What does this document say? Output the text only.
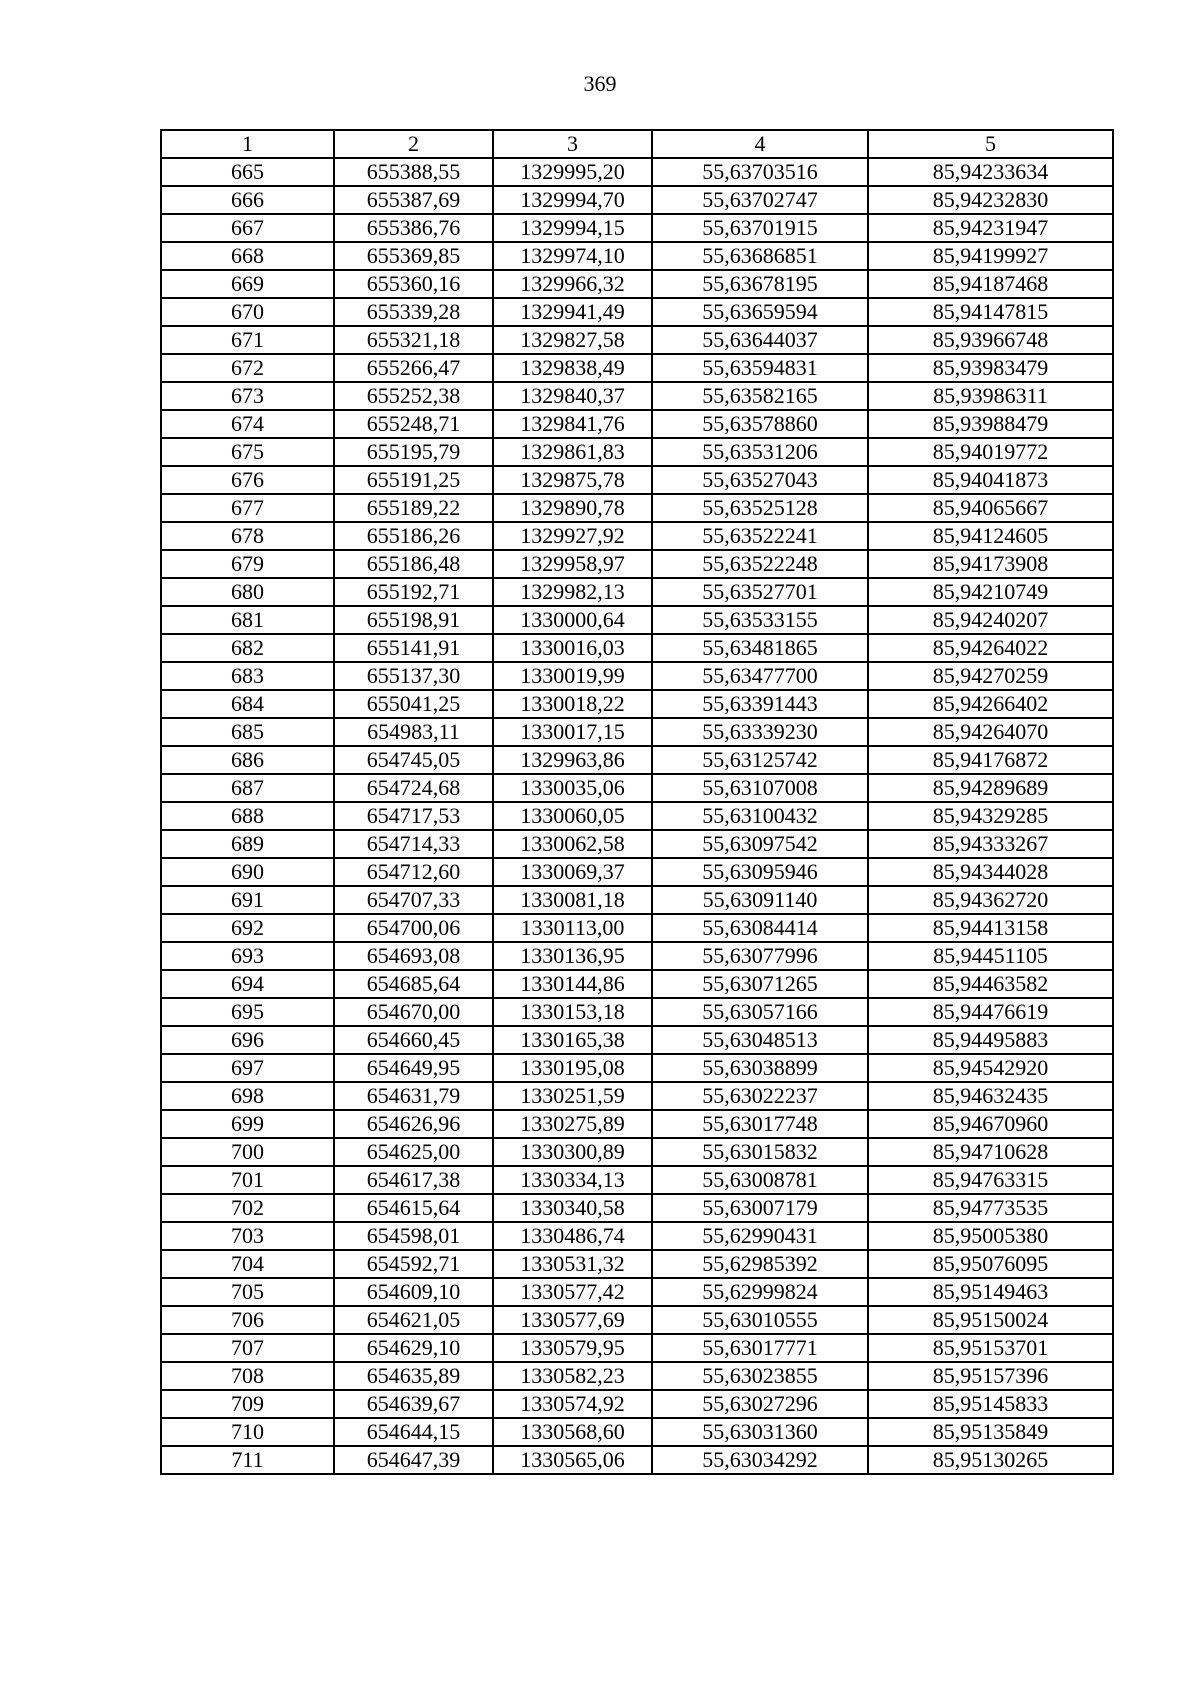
369
1	2	3	4	5
665	655388,55	1329995,20	55,63703516	85,94233634
666	655387,69	1329994,70	55,63702747	85,94232830
667	655386,76	1329994,15	55,63701915	85,94231947
668	655369,85	1329974,10	55,63686851	85,94199927
669	655360,16	1329966,32	55,63678195	85,94187468
670	655339,28	1329941,49	55,63659594	85,94147815
671	655321,18	1329827,58	55,63644037	85,93966748
672	655266,47	1329838,49	55,63594831	85,93983479
673	655252,38	1329840,37	55,63582165	85,93986311
674	655248,71	1329841,76	55,63578860	85,93988479
675	655195,79	1329861,83	55,63531206	85,94019772
676	655191,25	1329875,78	55,63527043	85,94041873
677	655189,22	1329890,78	55,63525128	85,94065667
678	655186,26	1329927,92	55,63522241	85,94124605
679	655186,48	1329958,97	55,63522248	85,94173908
680	655192,71	1329982,13	55,63527701	85,94210749
681	655198,91	1330000,64	55,63533155	85,94240207
682	655141,91	1330016,03	55,63481865	85,94264022
683	655137,30	1330019,99	55,63477700	85,94270259
684	655041,25	1330018,22	55,63391443	85,94266402
685	654983,11	1330017,15	55,63339230	85,94264070
686	654745,05	1329963,86	55,63125742	85,94176872
687	654724,68	1330035,06	55,63107008	85,94289689
688	654717,53	1330060,05	55,63100432	85,94329285
689	654714,33	1330062,58	55,63097542	85,94333267
690	654712,60	1330069,37	55,63095946	85,94344028
691	654707,33	1330081,18	55,63091140	85,94362720
692	654700,06	1330113,00	55,63084414	85,94413158
693	654693,08	1330136,95	55,63077996	85,94451105
694	654685,64	1330144,86	55,63071265	85,94463582
695	654670,00	1330153,18	55,63057166	85,94476619
696	654660,45	1330165,38	55,63048513	85,94495883
697	654649,95	1330195,08	55,63038899	85,94542920
698	654631,79	1330251,59	55,63022237	85,94632435
699	654626,96	1330275,89	55,63017748	85,94670960
700	654625,00	1330300,89	55,63015832	85,94710628
701	654617,38	1330334,13	55,63008781	85,94763315
702	654615,64	1330340,58	55,63007179	85,94773535
703	654598,01	1330486,74	55,62990431	85,95005380
704	654592,71	1330531,32	55,62985392	85,95076095
705	654609,10	1330577,42	55,62999824	85,95149463
706	654621,05	1330577,69	55,63010555	85,95150024
707	654629,10	1330579,95	55,63017771	85,95153701
708	654635,89	1330582,23	55,63023855	85,95157396
709	654639,67	1330574,92	55,63027296	85,95145833
710	654644,15	1330568,60	55,63031360	85,95135849
711	654647,39	1330565,06	55,63034292	85,95130265
